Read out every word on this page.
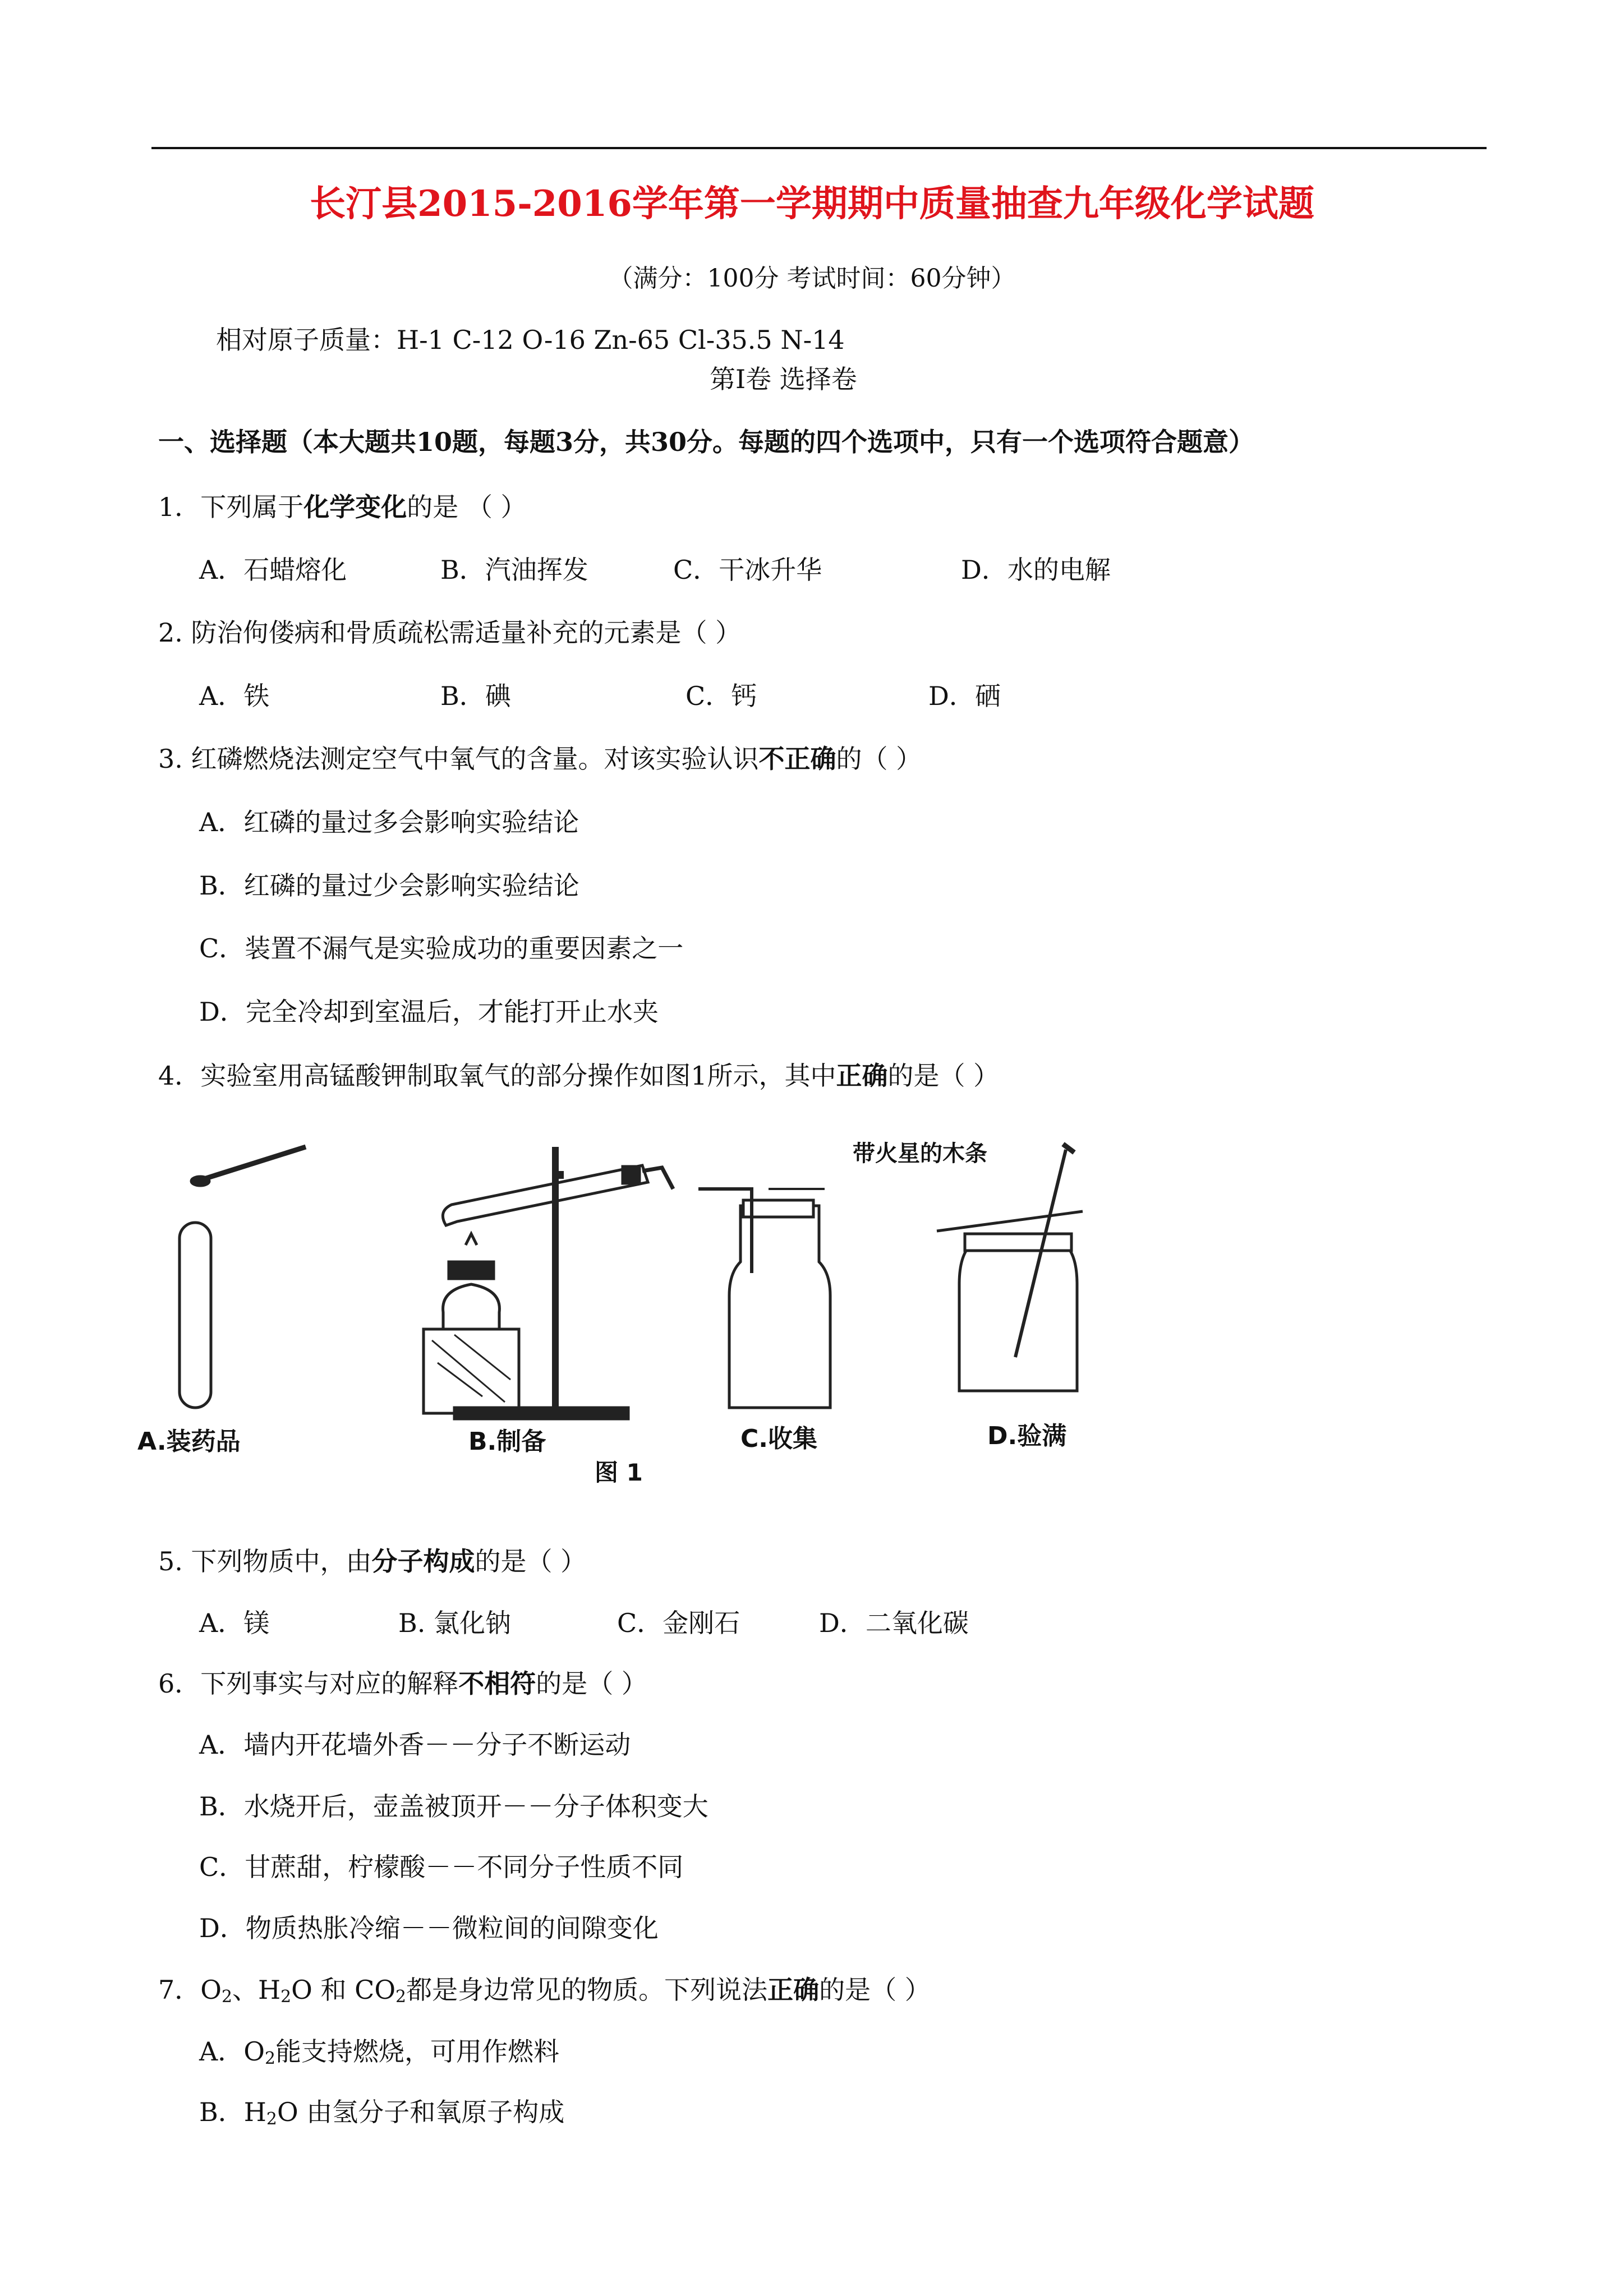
长汀县2015-2016学年第一学期期中质量抽查九年级化学试题
（满分：100分 考试时间：60分钟）
相对原子质量：H-1 C-12 O-16 Zn-65 Cl-35.5 N-14
第Ⅰ卷 选择卷
一、选择题（本大题共10题，每题3分，共30分。每题的四个选项中，只有一个选项符合题意）
1．下列属于化学变化的是 （ ）
A．石蜡熔化	B．汽油挥发	C．干冰升华	D．水的电解
2. 防治佝偻病和骨质疏松需适量补充的元素是（ ）
A．铁	B．碘	C．钙	D．硒
3. 红磷燃烧法测定空气中氧气的含量。对该实验认识不正确的（ ）
A．红磷的量过多会影响实验结论
B．红磷的量过少会影响实验结论
C．装置不漏气是实验成功的重要因素之一
D．完全冷却到室温后，才能打开止水夹
4．实验室用高锰酸钾制取氧气的部分操作如图1所示，其中正确的是（ ）
带火星的木条
A.装药品	B.制备	C.收集	D.验满
图 1
5. 下列物质中，由分子构成的是（ ）
A．镁	B. 氯化钠	C．金刚石	D．二氧化碳
6．下列事实与对应的解释不相符的是（ ）
A．墙内开花墙外香－－分子不断运动
B．水烧开后，壶盖被顶开－－分子体积变大
C．甘蔗甜，柠檬酸－－不同分子性质不同
D．物质热胀冷缩－－微粒间的间隙变化
7．$O_2$、$H_2O$ 和 $CO_2$都是身边常见的物质。下列说法正确的是（ ）
A．$O_2$能支持燃烧，可用作燃料
B．$H_2O$ 由氢分子和氧原子构成
